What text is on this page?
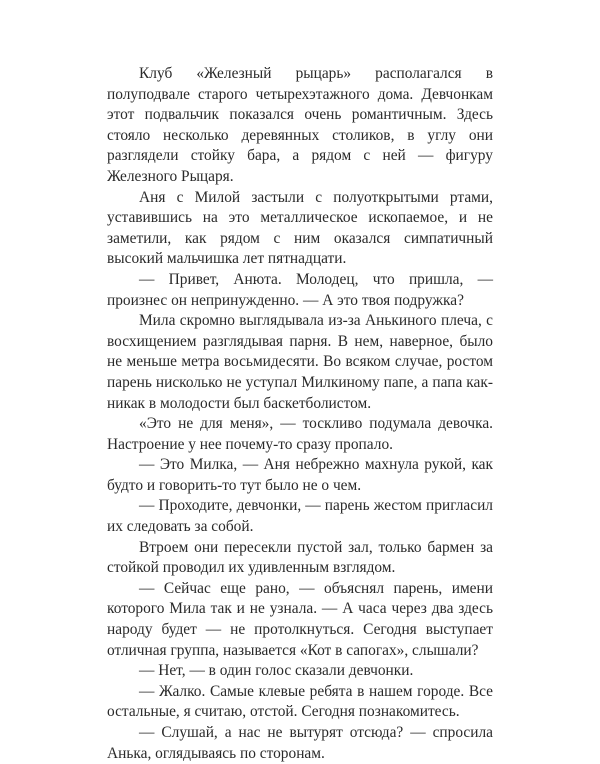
Клуб «Железный рыцарь» располагался в полуподвале старого четырехэтажного дома. Девчонкам этот подвальчик показался очень романтичным. Здесь стояло несколько деревянных столиков, в углу они разглядели стойку бара, а рядом с ней — фигуру Железного Рыцаря.

Аня с Милой застыли с полуоткрытыми ртами, уставившись на это металлическое ископаемое, и не заметили, как рядом с ним оказался симпатичный высокий мальчишка лет пятнадцати.

— Привет, Анюта. Молодец, что пришла, — произнес он непринужденно. — А это твоя подружка?

Мила скромно выглядывала из-за Анькиного плеча, с восхищением разглядывая парня. В нем, наверное, было не меньше метра восьмидесяти. Во всяком случае, ростом парень нисколько не уступал Милкиному папе, а папа как-никак в молодости был баскетболистом.

«Это не для меня», — тоскливо подумала девочка. Настроение у нее почему-то сразу пропало.

— Это Милка, — Аня небрежно махнула рукой, как будто и говорить-то тут было не о чем.

— Проходите, девчонки, — парень жестом пригласил их следовать за собой.

Втроем они пересекли пустой зал, только бармен за стойкой проводил их удивленным взглядом.

— Сейчас еще рано, — объяснял парень, имени которого Мила так и не узнала. — А часа через два здесь народу будет — не протолкнуться. Сегодня выступает отличная группа, называется «Кот в сапогах», слышали?

— Нет, — в один голос сказали девчонки.

— Жалко. Самые клевые ребята в нашем городе. Все остальные, я считаю, отстой. Сегодня познакомитесь.

— Слушай, а нас не вытурят отсюда? — спросила Анька, оглядываясь по сторонам.
